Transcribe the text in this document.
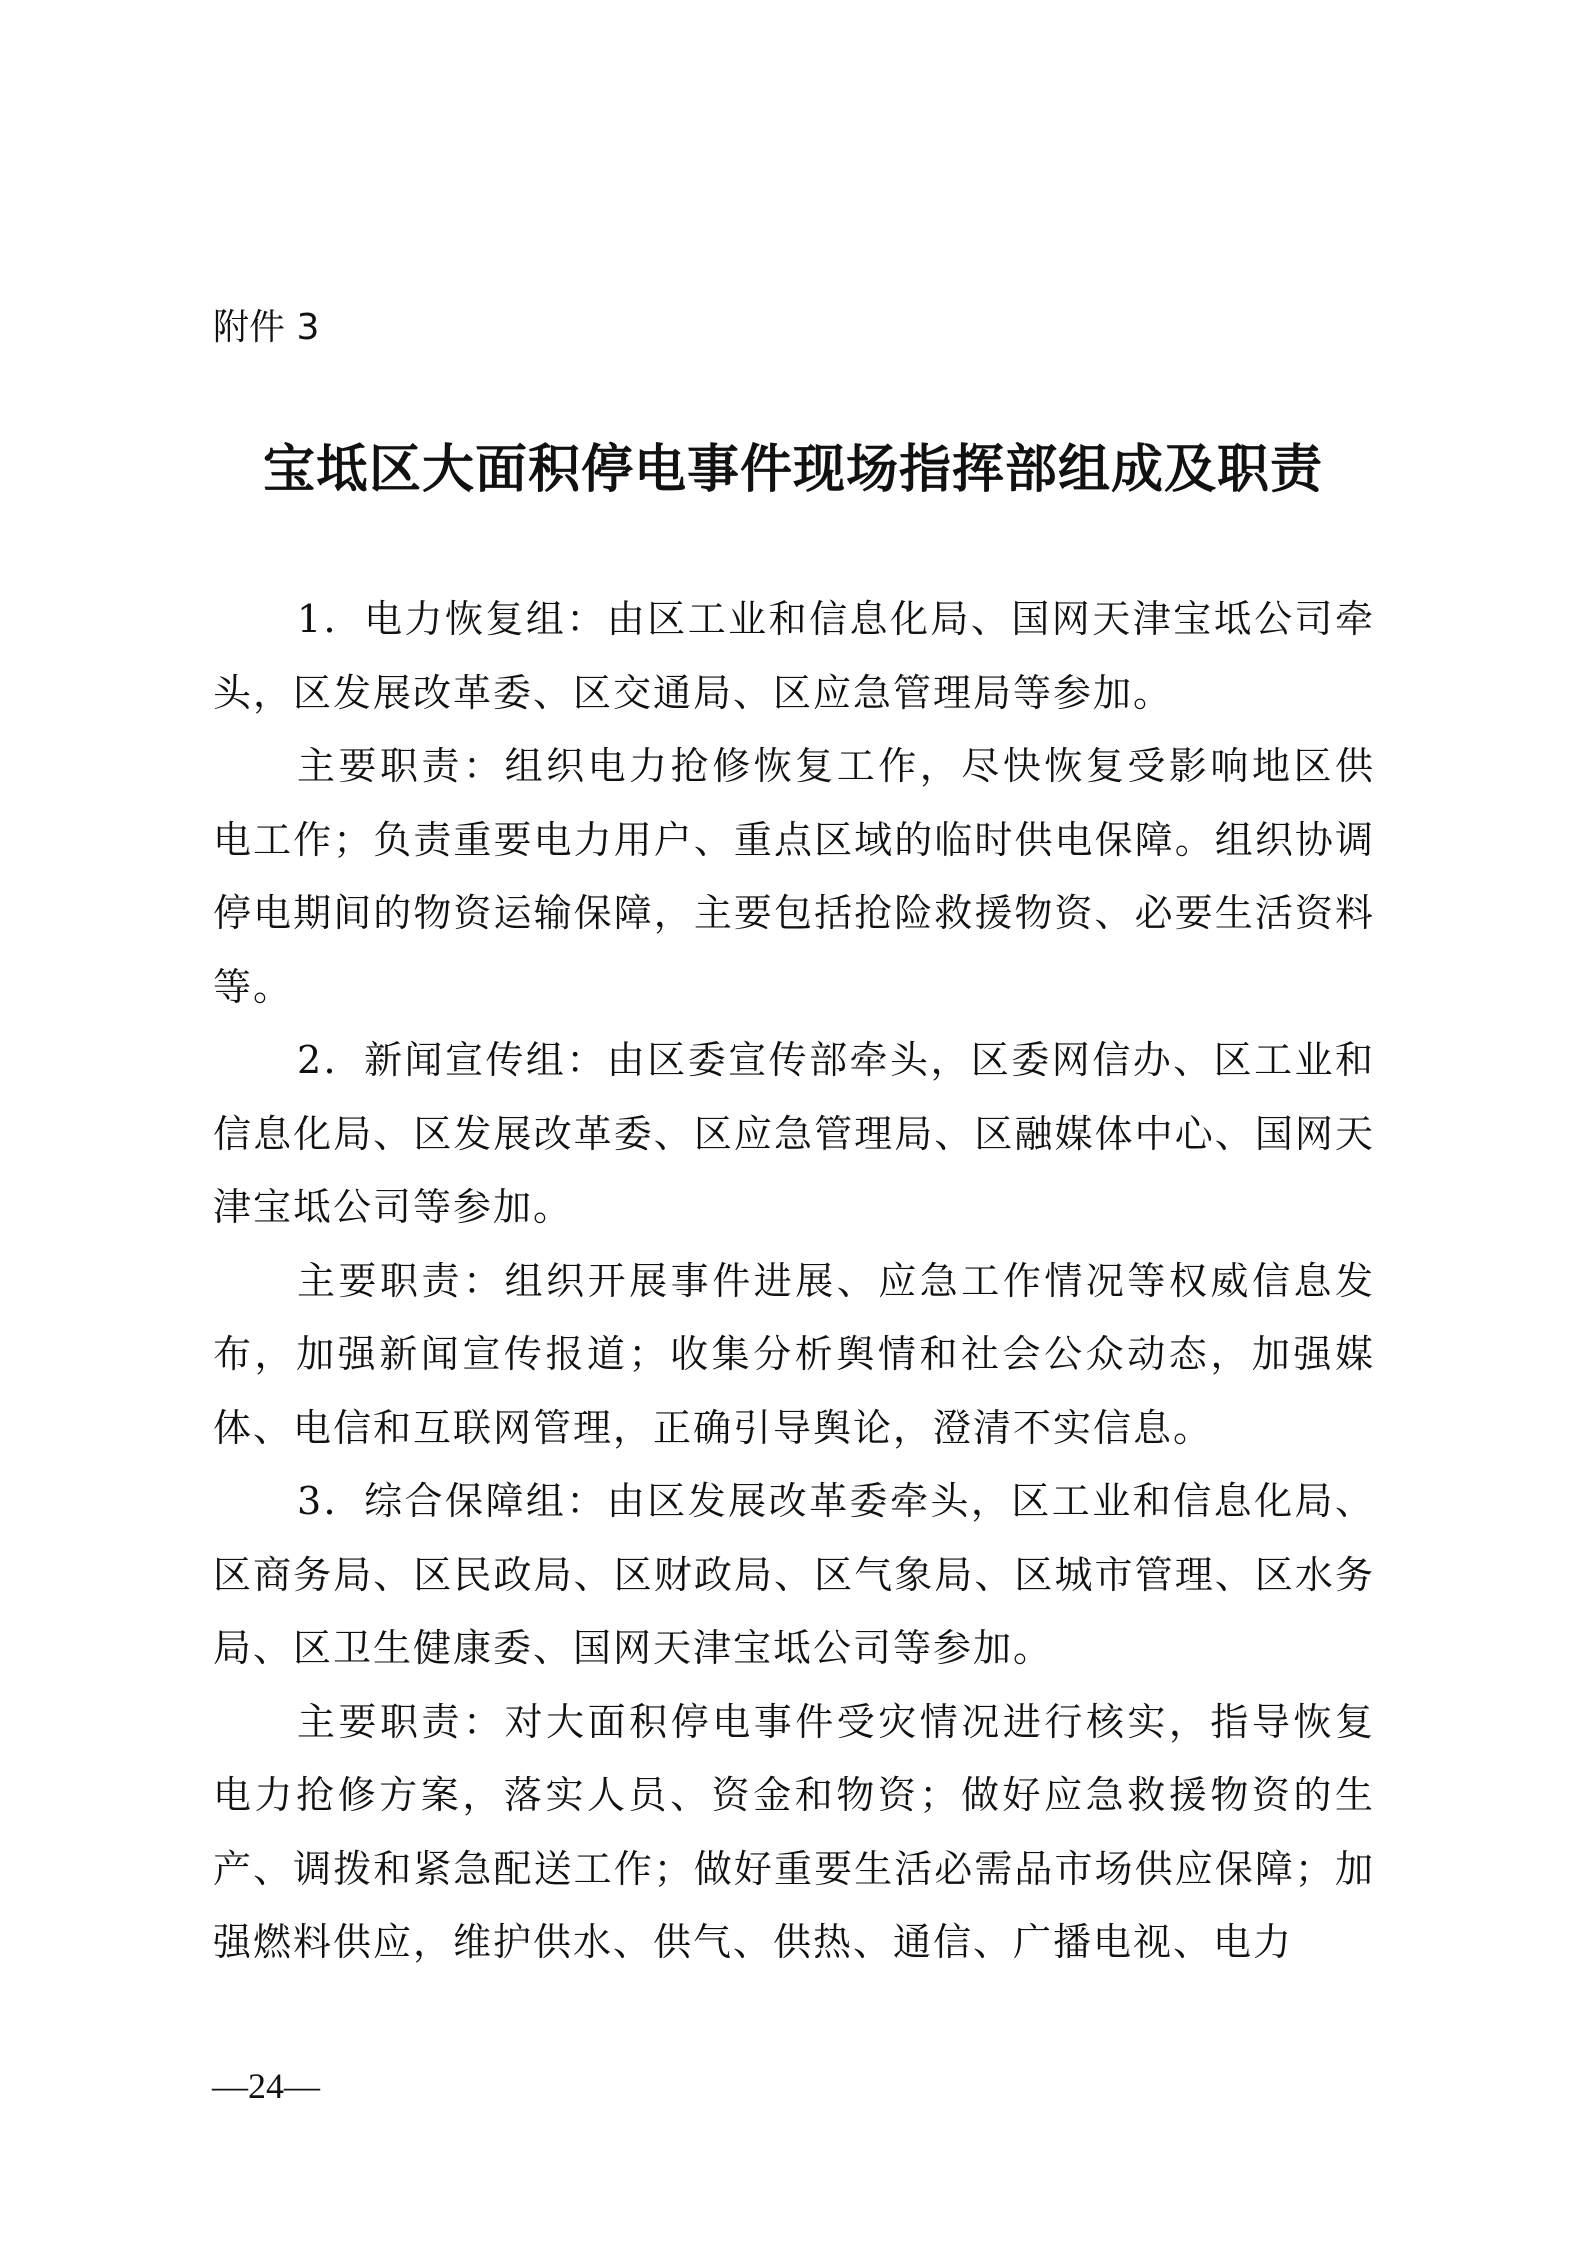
附件 3

宝坻区大面积停电事件现场指挥部组成及职责

1．电力恢复组：由区工业和信息化局、国网天津宝坻公司牵头，区发展改革委、区交通局、区应急管理局等参加。

主要职责：组织电力抢修恢复工作，尽快恢复受影响地区供电工作；负责重要电力用户、重点区域的临时供电保障。组织协调停电期间的物资运输保障，主要包括抢险救援物资、必要生活资料等。

2．新闻宣传组：由区委宣传部牵头，区委网信办、区工业和信息化局、区发展改革委、区应急管理局、区融媒体中心、国网天津宝坻公司等参加。

主要职责：组织开展事件进展、应急工作情况等权威信息发布，加强新闻宣传报道；收集分析舆情和社会公众动态，加强媒体、电信和互联网管理，正确引导舆论，澄清不实信息。

3．综合保障组：由区发展改革委牵头，区工业和信息化局、区商务局、区民政局、区财政局、区气象局、区城市管理、区水务局、区卫生健康委、国网天津宝坻公司等参加。

主要职责：对大面积停电事件受灾情况进行核实，指导恢复电力抢修方案，落实人员、资金和物资；做好应急救援物资的生产、调拨和紧急配送工作；做好重要生活必需品市场供应保障；加强燃料供应，维护供水、供气、供热、通信、广播电视、电力

—24—
